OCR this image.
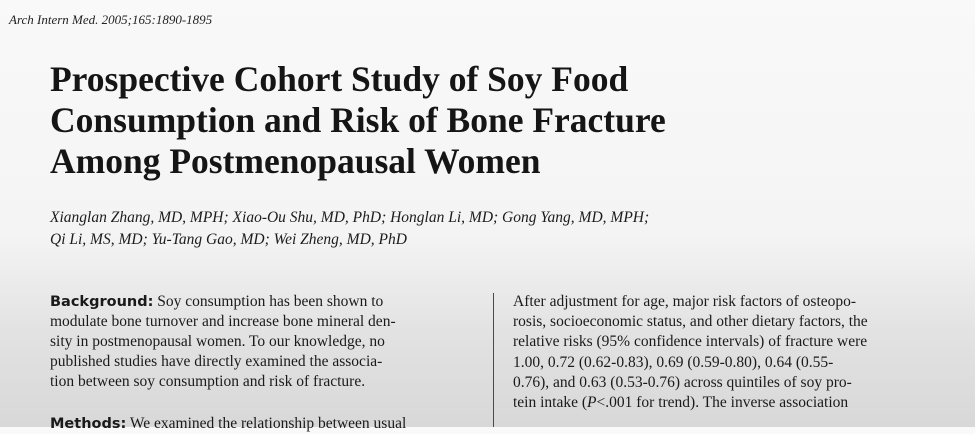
Arch Intern Med. 2005;165:1890-1895
Prospective Cohort Study of Soy Food
Consumption and Risk of Bone Fracture
Among Postmenopausal Women
Xianglan Zhang, MD, MPH; Xiao-Ou Shu, MD, PhD; Honglan Li, MD; Gong Yang, MD, MPH;
Qi Li, MS, MD; Yu-Tang Gao, MD; Wei Zheng, MD, PhD
Background: Soy consumption has been shown to
modulate bone turnover and increase bone mineral den-
sity in postmenopausal women. To our knowledge, no
published studies have directly examined the associa-
tion between soy consumption and risk of fracture.
Methods: We examined the relationship between usual
After adjustment for age, major risk factors of osteopo-
rosis, socioeconomic status, and other dietary factors, the
relative risks (95% confidence intervals) of fracture were
1.00, 0.72 (0.62-0.83), 0.69 (0.59-0.80), 0.64 (0.55-
0.76), and 0.63 (0.53-0.76) across quintiles of soy pro-
tein intake (P<.001 for trend). The inverse association
